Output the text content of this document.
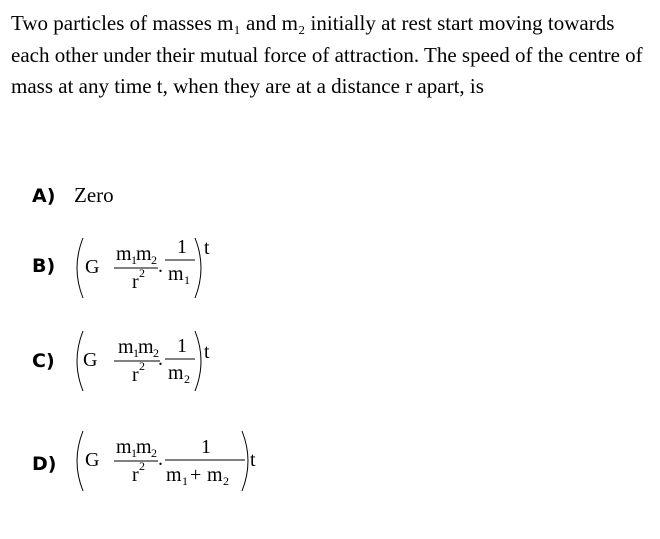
Two particles of masses m₁ and m₂ initially at rest start moving towards each other under their mutual force of attraction. The speed of the centre of mass at any time t, when they are at a distance r apart, is
A) Zero
B) G
m 1 m 2
r 2 .
1
m 1
t
C) G
m 1 m 2
r 2 .
1
m 2
t
D) G
m 1 m 2
r 2 .
1
m 1 + m 2
t
